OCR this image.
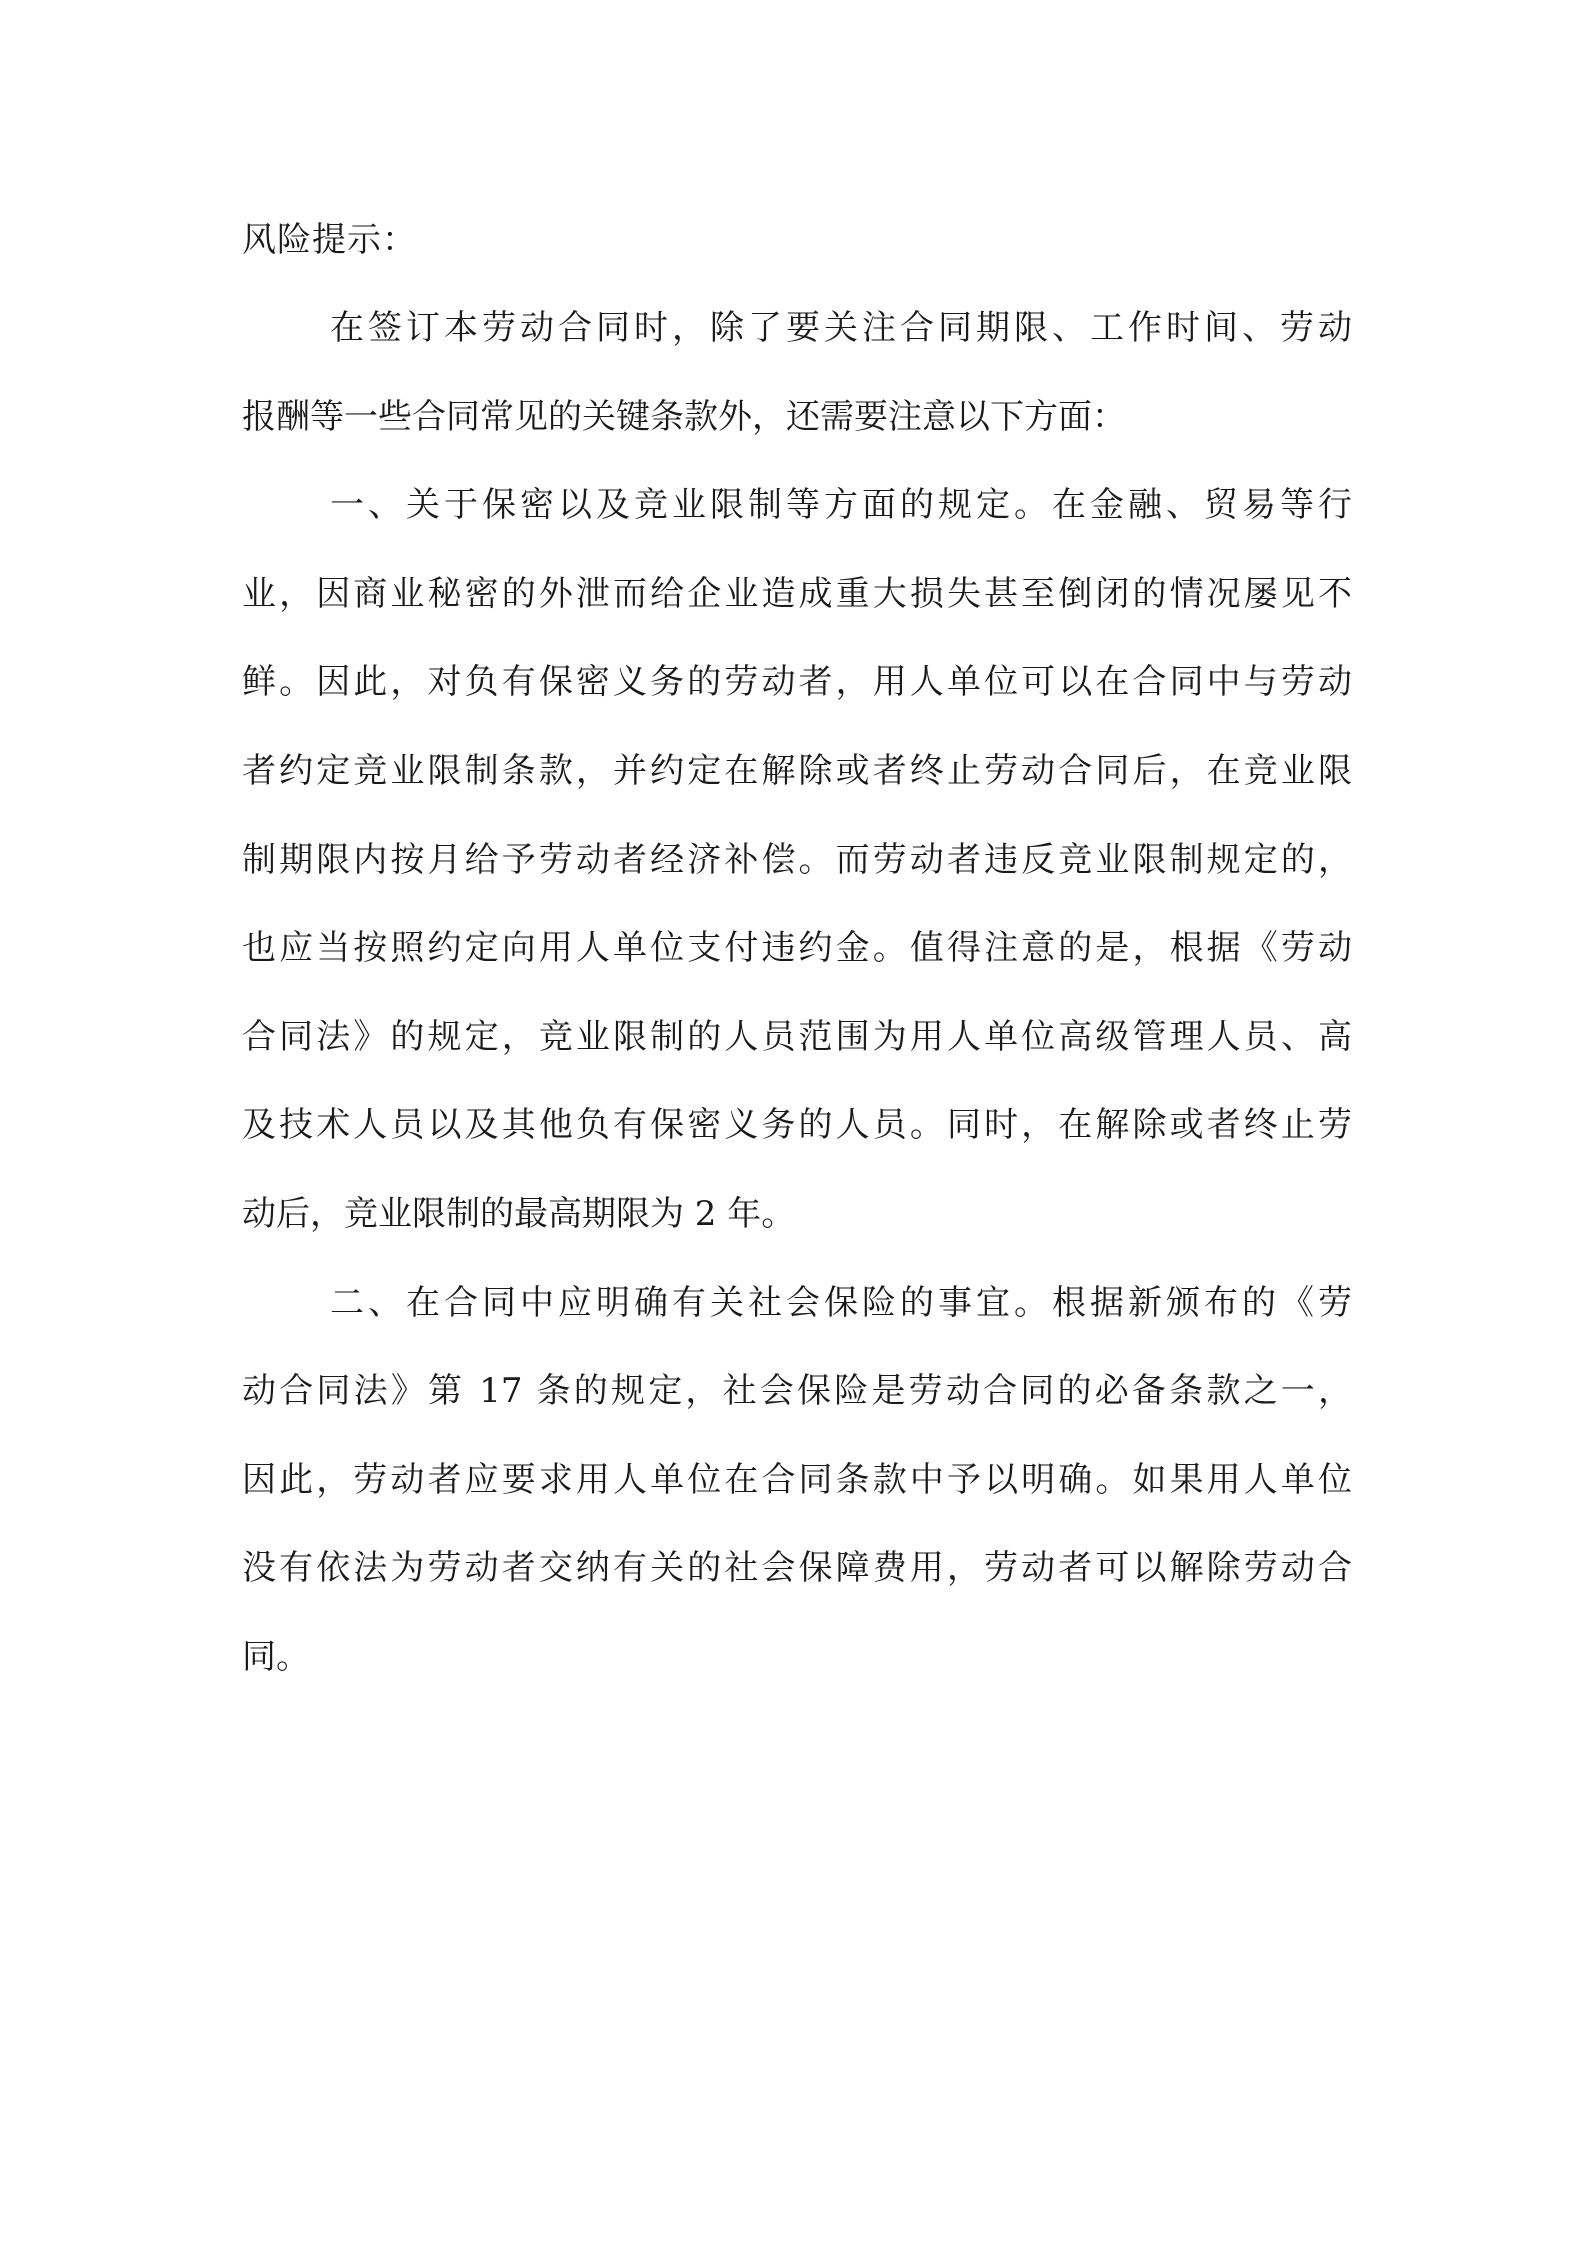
风险提示：
在签订本劳动合同时，除了要关注合同期限、工作时间、劳动
报酬等一些合同常见的关键条款外，还需要注意以下方面：
一、关于保密以及竞业限制等方面的规定。在金融、贸易等行
业，因商业秘密的外泄而给企业造成重大损失甚至倒闭的情况屡见不
鲜。因此，对负有保密义务的劳动者，用人单位可以在合同中与劳动
者约定竞业限制条款，并约定在解除或者终止劳动合同后，在竞业限
制期限内按月给予劳动者经济补偿。而劳动者违反竞业限制规定的，
也应当按照约定向用人单位支付违约金。值得注意的是，根据《劳动
合同法》的规定，竞业限制的人员范围为用人单位高级管理人员、高
及技术人员以及其他负有保密义务的人员。同时，在解除或者终止劳
动后，竞业限制的最高期限为 2 年。
二、在合同中应明确有关社会保险的事宜。根据新颁布的《劳
动合同法》第 17 条的规定，社会保险是劳动合同的必备条款之一，
因此，劳动者应要求用人单位在合同条款中予以明确。如果用人单位
没有依法为劳动者交纳有关的社会保障费用，劳动者可以解除劳动合
同。
